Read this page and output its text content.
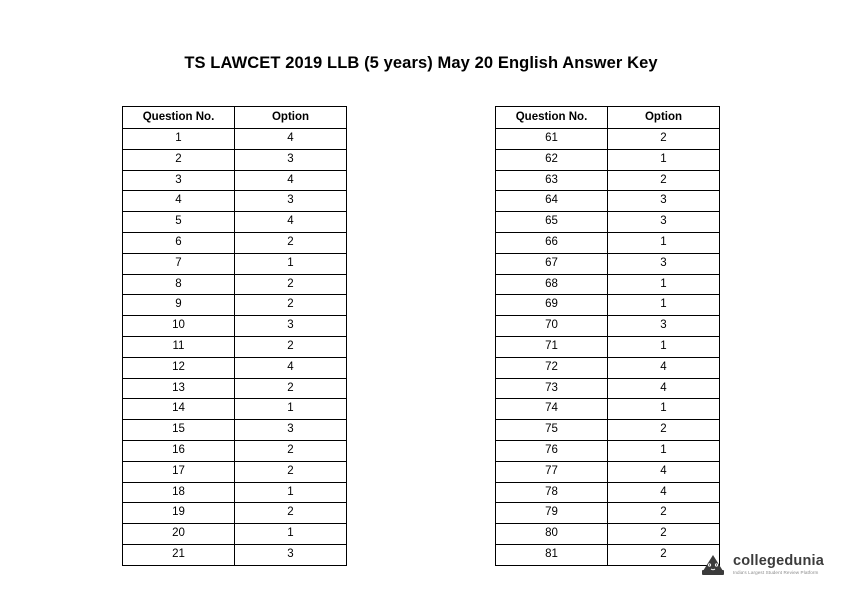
TS LAWCET 2019 LLB (5 years) May 20 English Answer Key
Question No.	Option
1	4
2	3
3	4
4	3
5	4
6	2
7	1
8	2
9	2
10	3
11	2
12	4
13	2
14	1
15	3
16	2
17	2
18	1
19	2
20	1
21	3
Question No.	Option
61	2
62	1
63	2
64	3
65	3
66	1
67	3
68	1
69	1
70	3
71	1
72	4
73	4
74	1
75	2
76	1
77	4
78	4
79	2
80	2
81	2	collegedunia
India's Largest Student Review Platform
